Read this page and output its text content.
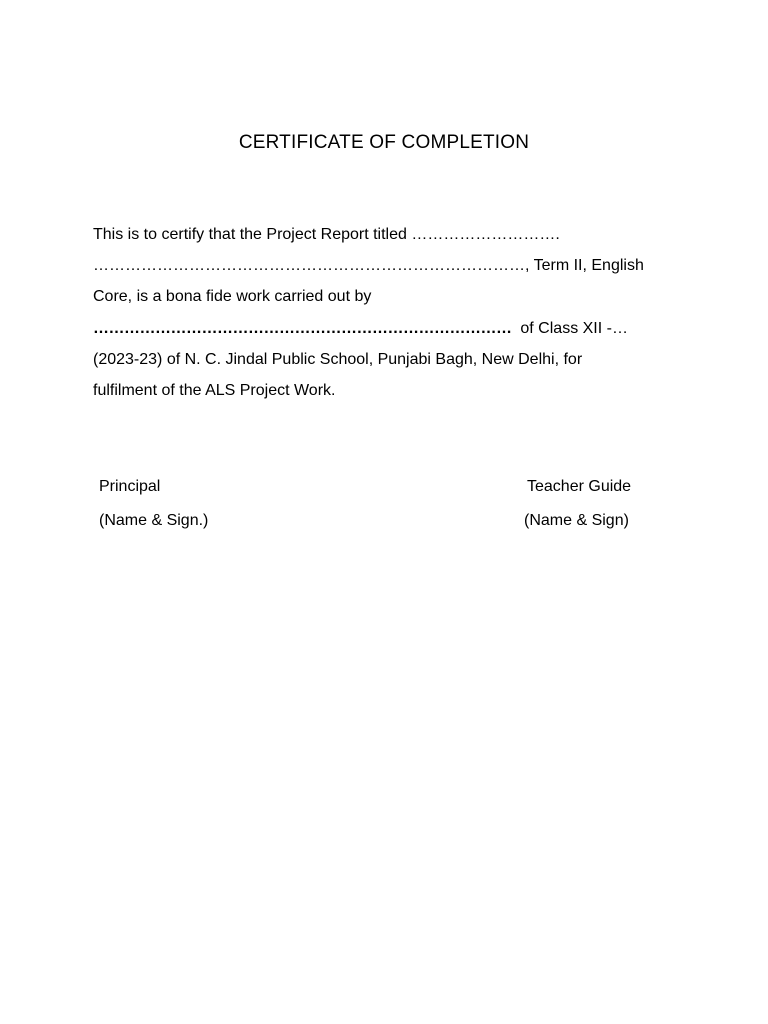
CERTIFICATE OF COMPLETION
This is to certify that the Project Report titled ……………………….
………………………………………………………………………, Term II, English
Core, is a bona fide work carried out by
……………………………………………………………………… of Class XII -…
(2023-23) of N. C. Jindal Public School, Punjabi Bagh, New Delhi, for
fulfilment of the ALS Project Work.
Principal
(Name & Sign.)
Teacher Guide
(Name & Sign)
